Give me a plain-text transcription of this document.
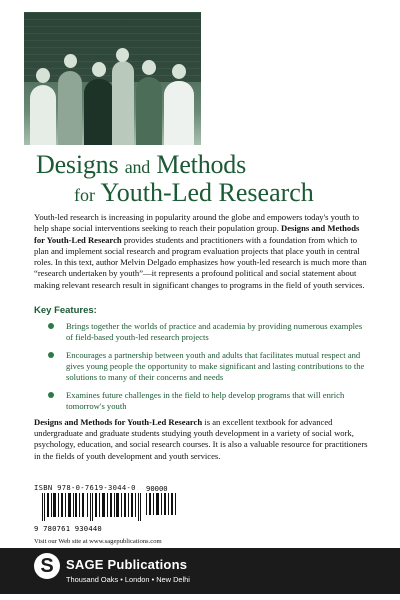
Designs and Methods
for Youth-Led Research
Youth-led research is increasing in popularity around the globe and empowers today's youth to help shape social interventions seeking to reach their population group. Designs and Methods for Youth-Led Research provides students and practitioners with a foundation from which to plan and implement social research and program evaluation projects that place youth in central roles. In this text, author Melvin Delgado emphasizes how youth-led research is much more than “research undertaken by youth”—it represents a profound political and social statement about making relevant research result in significant changes to programs in the field of youth services.
Key Features:
Brings together the worlds of practice and academia by providing numerous examples of field-based youth-led research projects
Encourages a partnership between youth and adults that facilitates mutual respect and gives young people the opportunity to make significant and lasting contributions to the solutions to many of their concerns and needs
Examines future challenges in the field to help develop programs that will enrich tomorrow's youth
Designs and Methods for Youth-Led Research is an excellent textbook for advanced undergraduate and graduate students studying youth development in a variety of social work, psychology, education, and social research courses. It is also a valuable resource for practitioners in the fields of youth development and youth services.
ISBN 978-0-7619-3044-0	90000
9 780761 930440
Visit our Web site at www.sagepublications.com
S SAGE Publications
Thousand Oaks • London • New Delhi
